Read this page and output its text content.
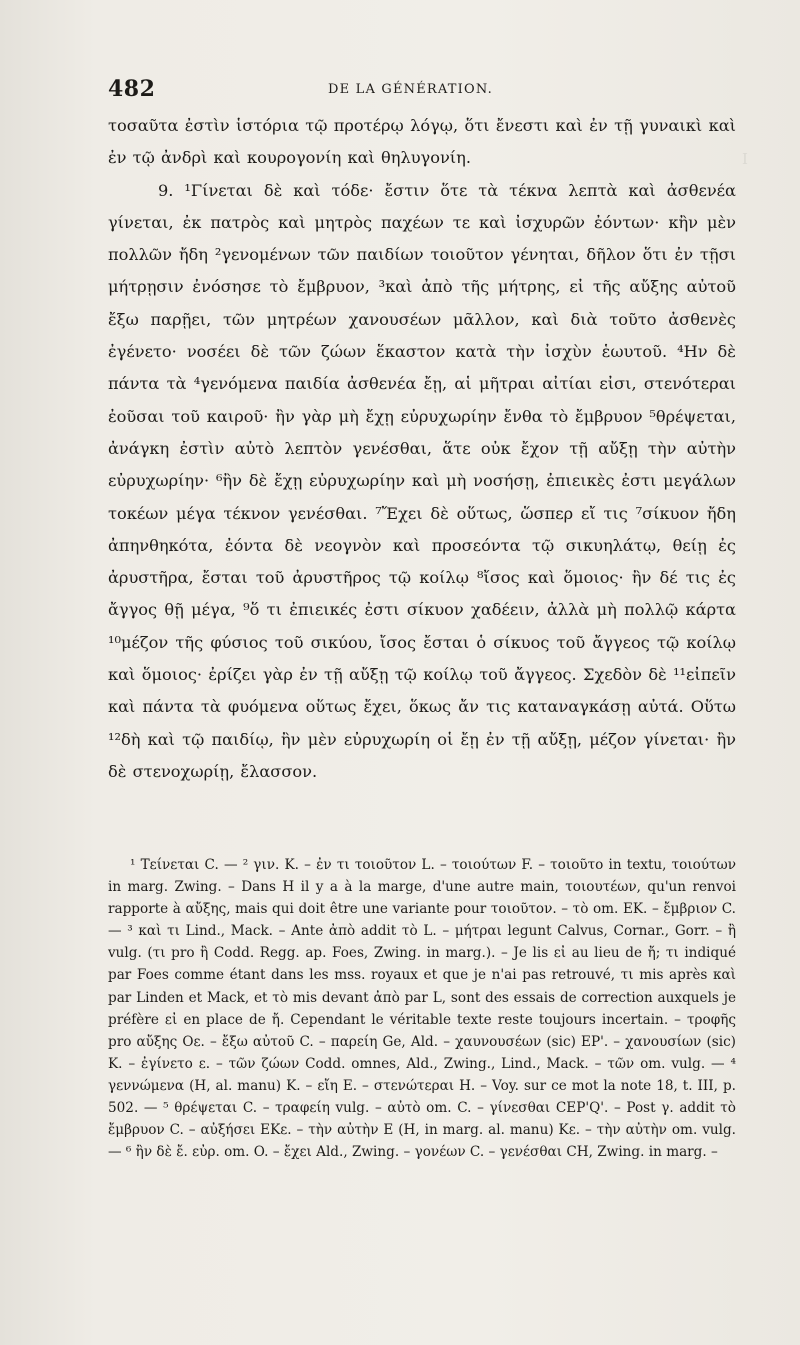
I
482	DE LA GÉNÉRATION.

τοσαῦτα ἐστὶν ἱστόρια τῷ προτέρῳ λόγῳ, ὅτι ἔνεστι καὶ ἐν τῇ γυναικὶ καὶ ἐν τῷ ἀνδρὶ καὶ κουρογονίη καὶ θηλυγονίη.

9. ¹Γίνεται δὲ καὶ τόδε· ἔστιν ὅτε τὰ τέκνα λεπτὰ καὶ ἀσθενέα γίνεται, ἐκ πατρὸς καὶ μητρὸς παχέων τε καὶ ἰσχυρῶν ἐόντων· κἢν μὲν πολλῶν ἤδη ²γενομένων τῶν παιδίων τοιοῦτον γένηται, δῆλον ὅτι ἐν τῇσι μήτρῃσιν ἐνόσησε τὸ ἔμβρυον, ³καὶ ἀπὸ τῆς μήτρης, εἰ τῆς αὔξης αὐτοῦ ἔξω παρῇει, τῶν μητρέων χανουσέων μᾶλλον, καὶ διὰ τοῦτο ἀσθενὲς ἐγένετο· νοσέει δὲ τῶν ζώων ἕκαστον κατὰ τὴν ἰσχὺν ἑωυτοῦ. ⁴Ην δὲ πάντα τὰ ⁴γενόμενα παιδία ἀσθενέα ἔῃ, αἱ μῆτραι αἰτίαι εἰσι, στενότεραι ἐοῦσαι τοῦ καιροῦ· ἢν γὰρ μὴ ἔχῃ εὐρυχωρίην ἔνθα τὸ ἔμβρυον ⁵θρέψεται, ἀνάγκη ἐστὶν αὐτὸ λεπτὸν γενέσθαι, ἅτε οὐκ ἔχον τῇ αὔξῃ τὴν αὐτὴν εὐρυχωρίην· ⁶ἢν δὲ ἔχῃ εὐρυχωρίην καὶ μὴ νοσήσῃ, ἐπιεικὲς ἐστι μεγάλων τοκέων μέγα τέκνον γενέσθαι. ⁷Ἔχει δὲ οὕτως, ὥσπερ εἴ τις ⁷σίκυον ἤδη ἀπηνθηκότα, ἐόντα δὲ νεογνὸν καὶ προσεόντα τῷ σικυηλάτῳ, θείῃ ἐς ἀρυστῆρα, ἔσται τοῦ ἀρυστῆρος τῷ κοίλῳ ⁸ἴσος καὶ ὅμοιος· ἢν δέ τις ἐς ἄγγος θῇ μέγα, ⁹ὅ τι ἐπιεικές ἐστι σίκυον χαδέειν, ἀλλὰ μὴ πολλῷ κάρτα ¹⁰μέζον τῆς φύσιος τοῦ σικύου, ἴσος ἔσται ὁ σίκυος τοῦ ἄγγεος τῷ κοίλῳ καὶ ὅμοιος· ἐρίζει γὰρ ἐν τῇ αὔξῃ τῷ κοίλῳ τοῦ ἄγγεος. Σχεδὸν δὲ ¹¹εἰπεῖν καὶ πάντα τὰ φυόμενα οὕτως ἔχει, ὅκως ἄν τις καταναγκάσῃ αὐτά. Οὕτω ¹²δὴ καὶ τῷ παιδίῳ, ἢν μὲν εὐρυχωρίη οἱ ἔῃ ἐν τῇ αὔξῃ, μέζον γίνεται· ἢν δὲ στενοχωρίῃ, ἔλασσον.

¹ Τείνεται C. — ² γιν. K. – ἐν τι τοιοῦτον L. – τοιούτων F. – τοιοῦτο in textu, τοιούτων in marg. Zwing. – Dans H il y a à la marge, d'une autre main, τοιουτέων, qu'un renvoi rapporte à αὔξης, mais qui doit être une variante pour τοιοῦτον. – τὸ om. EK. – ἔμβριον C. — ³ καὶ τι Lind., Mack. – Ante ἀπὸ addit τὸ L. – μήτραι legunt Calvus, Cornar., Gorr. – ἢ vulg. (τι pro ἢ Codd. Regg. ap. Foes, Zwing. in marg.). – Je lis εἰ au lieu de ἤ; τι indiqué par Foes comme étant dans les mss. royaux et que je n'ai pas retrouvé, τι mis après καὶ par Linden et Mack, et τὸ mis devant ἀπὸ par L, sont des essais de correction auxquels je préfère εἰ en place de ἤ. Cependant le véritable texte reste toujours incertain. – τροφῆς pro αὔξης Οε. – ἔξω αὐτοῦ C. – παρείη Ge, Ald. – χαυνουσέων (sic) EP'. – χανουσίων (sic) K. – ἐγίνετο ε. – τῶν ζώων Codd. omnes, Ald., Zwing., Lind., Mack. – τῶν om. vulg. — ⁴ γεννώμενα (H, al. manu) K. – εἴη E. – στενώτεραι H. – Voy. sur ce mot la note 18, t. III, p. 502. — ⁵ θρέψεται C. – τραφείη vulg. – αὐτὸ om. C. – γίνεσθαι CEP'Q'. – Post γ. addit τὸ ἔμβρυον C. – αὐξήσει EKε. – τὴν αὐτὴν E (H, in marg. al. manu) Kε. – τὴν αὐτὴν om. vulg. — ⁶ ἢν δὲ ἔ. εὐρ. om. O. – ἔχει Ald., Zwing. – γονέων C. – γενέσθαι CH, Zwing. in marg. –
